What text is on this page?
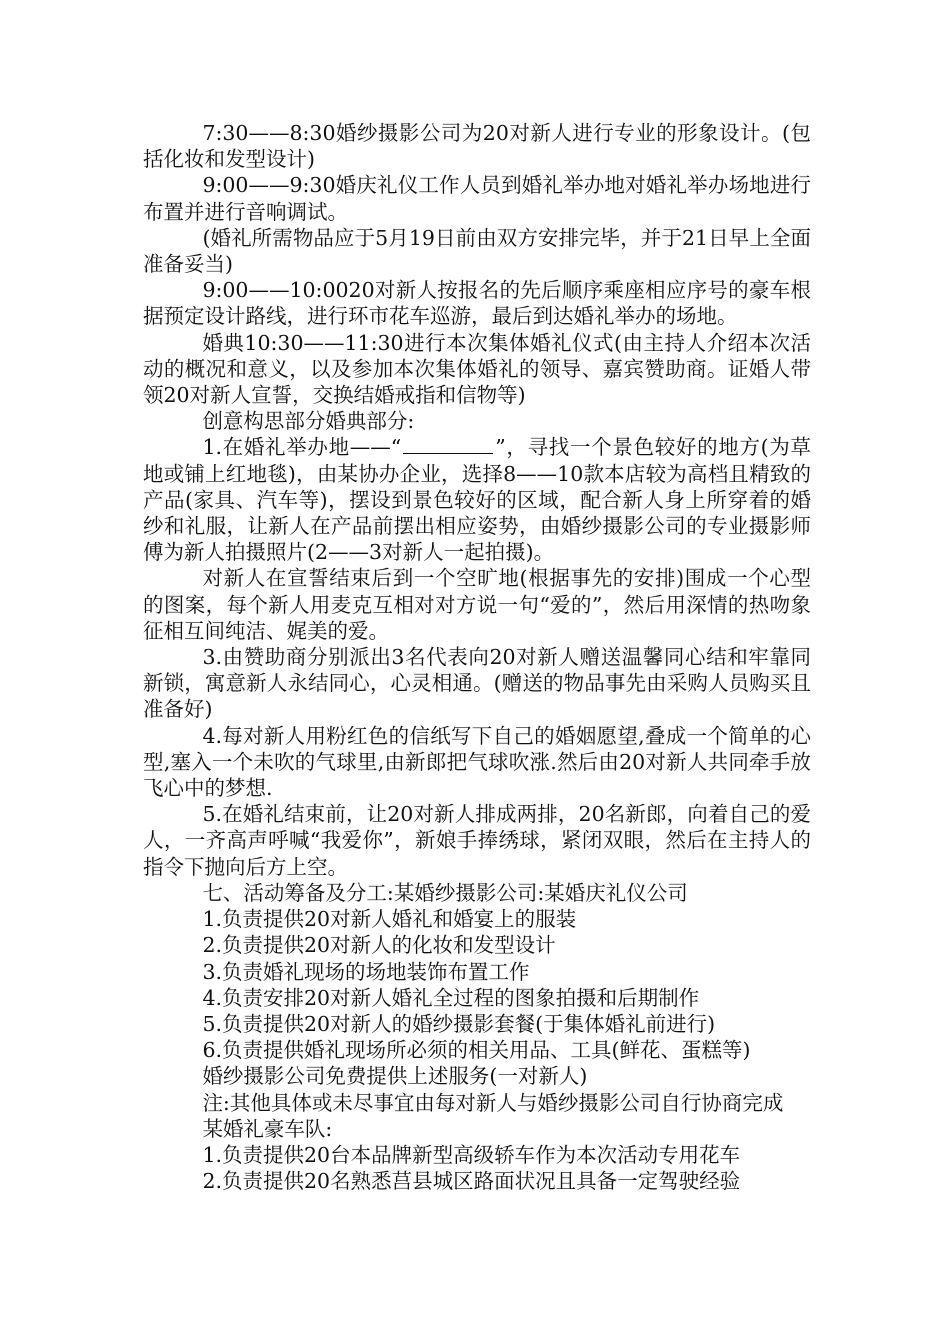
7:30——8:30婚纱摄影公司为20对新人进行专业的形象设计。(包括化妆和发型设计)

9:00——9:30婚庆礼仪工作人员到婚礼举办地对婚礼举办场地进行布置并进行音响调试。

(婚礼所需物品应于5月19日前由双方安排完毕，并于21日早上全面准备妥当)

9:00——10:0020对新人按报名的先后顺序乘座相应序号的豪车根据预定设计路线，进行环市花车巡游，最后到达婚礼举办的场地。

婚典10:30——11:30进行本次集体婚礼仪式(由主持人介绍本次活动的概况和意义，以及参加本次集体婚礼的领导、嘉宾赞助商。证婚人带领20对新人宣誓，交换结婚戒指和信物等)

创意构思部分婚典部分:

1.在婚礼举办地——“	”，寻找一个景色较好的地方(为草地或铺上红地毯)，由某协办企业，选择8——10款本店较为高档且精致的产品(家具、汽车等)，摆设到景色较好的区域，配合新人身上所穿着的婚纱和礼服，让新人在产品前摆出相应姿势，由婚纱摄影公司的专业摄影师傅为新人拍摄照片(2——3对新人一起拍摄)。

对新人在宣誓结束后到一个空旷地(根据事先的安排)围成一个心型的图案，每个新人用麦克互相对对方说一句“爱的”，然后用深情的热吻象征相互间纯洁、娓美的爱。

3.由赞助商分别派出3名代表向20对新人赠送温馨同心结和牢靠同新锁，寓意新人永结同心，心灵相通。(赠送的物品事先由采购人员购买且准备好)

4.每对新人用粉红色的信纸写下自己的婚姻愿望,叠成一个简单的心型,塞入一个未吹的气球里,由新郎把气球吹涨.然后由20对新人共同牵手放飞心中的梦想.

5.在婚礼结束前，让20对新人排成两排，20名新郎，向着自己的爱人，一齐高声呼喊“我爱你”，新娘手捧绣球，紧闭双眼，然后在主持人的指令下抛向后方上空。

七、活动筹备及分工:某婚纱摄影公司:某婚庆礼仪公司

1.负责提供20对新人婚礼和婚宴上的服装

2.负责提供20对新人的化妆和发型设计

3.负责婚礼现场的场地装饰布置工作

4.负责安排20对新人婚礼全过程的图象拍摄和后期制作

5.负责提供20对新人的婚纱摄影套餐(于集体婚礼前进行)

6.负责提供婚礼现场所必须的相关用品、工具(鲜花、蛋糕等)

婚纱摄影公司免费提供上述服务(一对新人)

注:其他具体或未尽事宜由每对新人与婚纱摄影公司自行协商完成

某婚礼豪车队:

1.负责提供20台本品牌新型高级轿车作为本次活动专用花车

2.负责提供20名熟悉莒县城区路面状况且具备一定驾驶经验
